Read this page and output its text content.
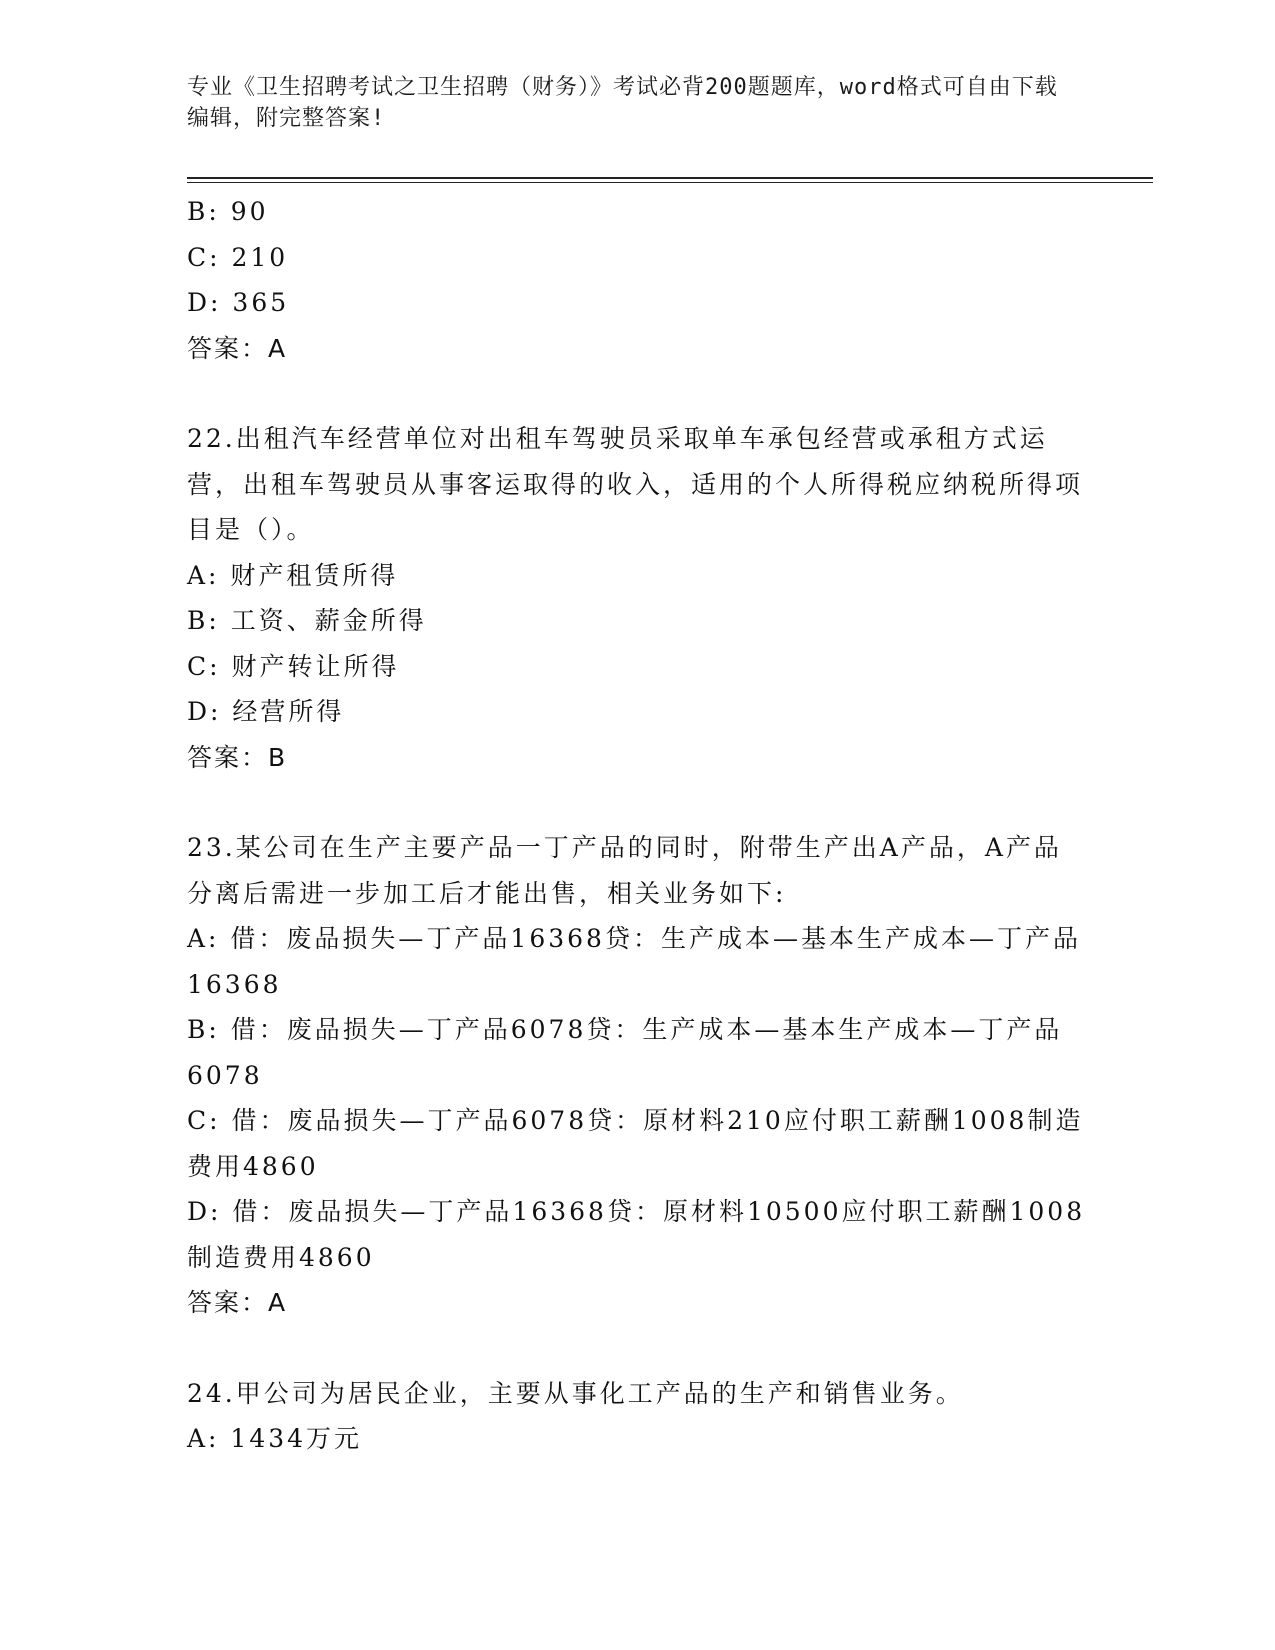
专业《卫生招聘考试之卫生招聘（财务）》考试必背200题题库，word格式可自由下载编辑，附完整答案!
B: 90
C: 210
D: 365
答案：A
22.出租汽车经营单位对出租车驾驶员采取单车承包经营或承租方式运营，出租车驾驶员从事客运取得的收入，适用的个人所得税应纳税所得项目是（）。
A: 财产租赁所得
B: 工资、薪金所得
C: 财产转让所得
D: 经营所得
答案：B
23.某公司在生产主要产品一丁产品的同时，附带生产出A产品，A产品分离后需进一步加工后才能出售，相关业务如下:
A: 借：废品损失—丁产品16368贷：生产成本—基本生产成本—丁产品16368
B: 借：废品损失—丁产品6078贷：生产成本—基本生产成本—丁产品6078
C: 借：废品损失—丁产品6078贷：原材料210应付职工薪酬1008制造费用4860
D: 借：废品损失—丁产品16368贷：原材料10500应付职工薪酬1008制造费用4860
答案：A
24.甲公司为居民企业，主要从事化工产品的生产和销售业务。
A: 1434万元
